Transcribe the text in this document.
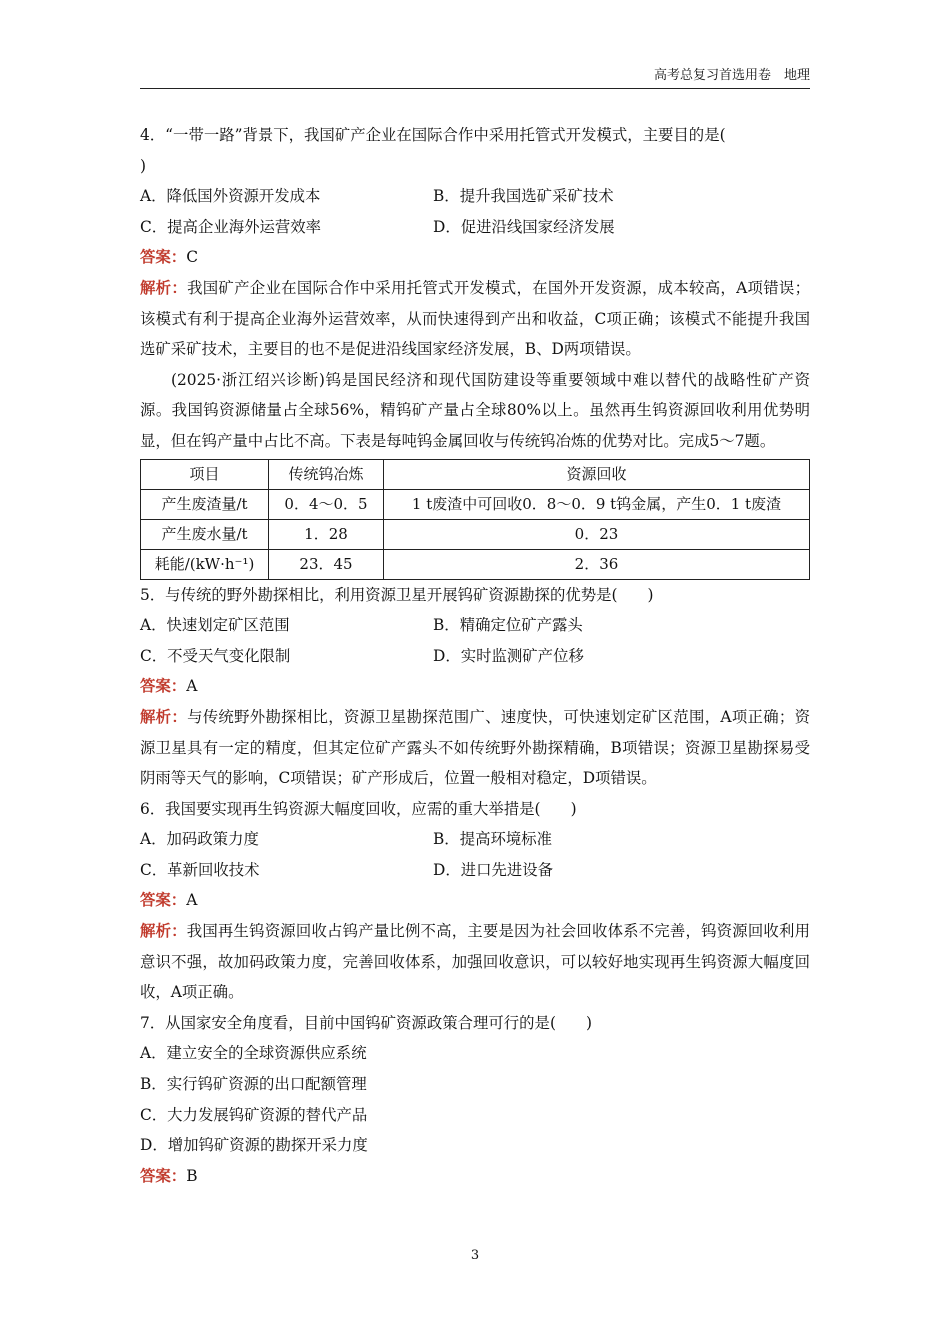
高考总复习首选用卷　地理

4．“一带一路”背景下，我国矿产企业在国际合作中采用托管式开发模式，主要目的是(

)

A．降低国外资源开发成本	B．提升我国选矿采矿技术
C．提高企业海外运营效率	D．促进沿线国家经济发展

答案：C

解析：我国矿产企业在国际合作中采用托管式开发模式，在国外开发资源，成本较高，A项错误；该模式有利于提高企业海外运营效率，从而快速得到产出和收益，C项正确；该模式不能提升我国选矿采矿技术，主要目的也不是促进沿线国家经济发展，B、D两项错误。

(2025·浙江绍兴诊断)钨是国民经济和现代国防建设等重要领域中难以替代的战略性矿产资源。我国钨资源储量占全球56%，精钨矿产量占全球80%以上。虽然再生钨资源回收利用优势明显，但在钨产量中占比不高。下表是每吨钨金属回收与传统钨冶炼的优势对比。完成5～7题。

项目	传统钨冶炼	资源回收
产生废渣量/t	0．4～0．5	1 t废渣中可回收0．8～0．9 t钨金属，产生0．1 t废渣
产生废水量/t	1．28	0．23
耗能/(kW·h⁻¹)	23．45	2．36

5．与传统的野外勘探相比，利用资源卫星开展钨矿资源勘探的优势是( )

A．快速划定矿区范围	B．精确定位矿产露头
C．不受天气变化限制	D．实时监测矿产位移

答案：A

解析：与传统野外勘探相比，资源卫星勘探范围广、速度快，可快速划定矿区范围，A项正确；资源卫星具有一定的精度，但其定位矿产露头不如传统野外勘探精确，B项错误；资源卫星勘探易受阴雨等天气的影响，C项错误；矿产形成后，位置一般相对稳定，D项错误。

6．我国要实现再生钨资源大幅度回收，应需的重大举措是( )

A．加码政策力度	B．提高环境标准
C．革新回收技术	D．进口先进设备

答案：A

解析：我国再生钨资源回收占钨产量比例不高，主要是因为社会回收体系不完善，钨资源回收利用意识不强，故加码政策力度，完善回收体系，加强回收意识，可以较好地实现再生钨资源大幅度回收，A项正确。

7．从国家安全角度看，目前中国钨矿资源政策合理可行的是( )

A．建立安全的全球资源供应系统

B．实行钨矿资源的出口配额管理

C．大力发展钨矿资源的替代产品

D．增加钨矿资源的勘探开采力度

答案：B

3
